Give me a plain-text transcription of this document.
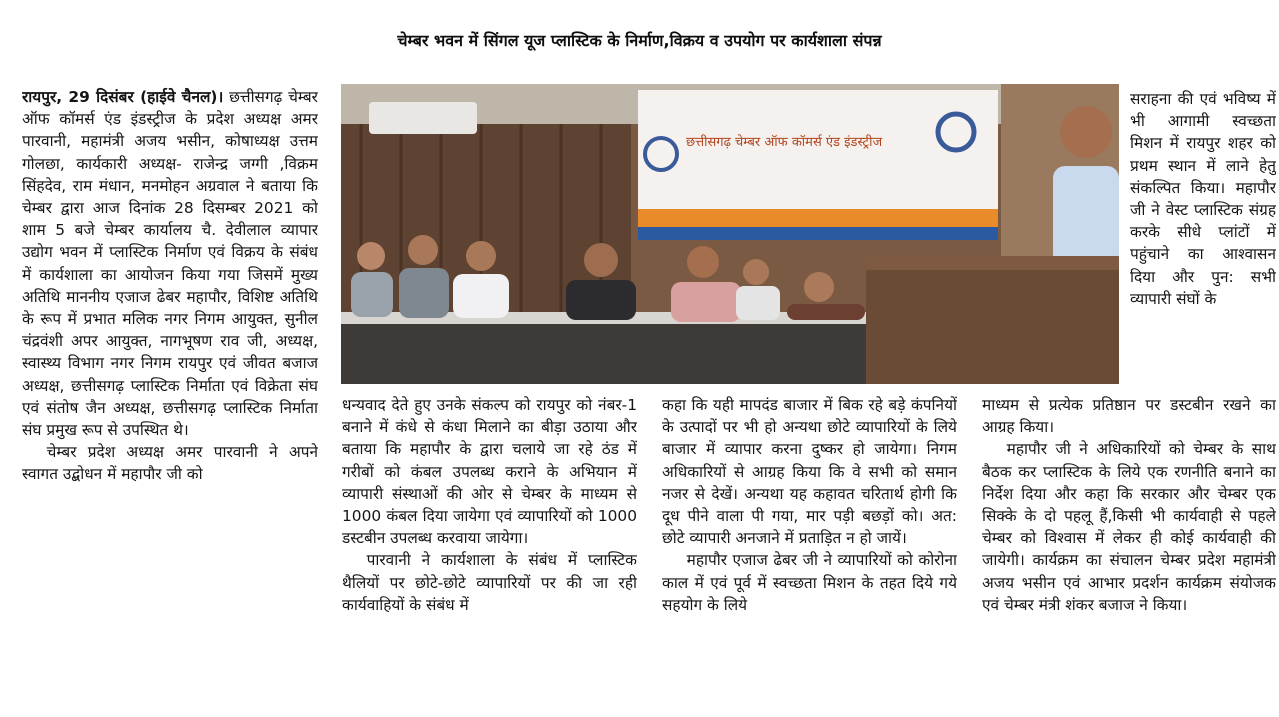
चेम्बर भवन में सिंगल यूज प्लास्टिक के निर्माण,विक्रय व उपयोग पर कार्यशाला संपन्न

रायपुर, 29 दिसंबर (हाईवे चैनल)। छत्तीसगढ़ चेम्बर ऑफ कॉमर्स एंड इंडस्ट्रीज के प्रदेश अध्यक्ष अमर पारवानी, महामंत्री अजय भसीन, कोषाध्यक्ष उत्तम गोलछा, कार्यकारी अध्यक्ष- राजेन्द्र जग्गी ,विक्रम सिंहदेव, राम मंधान, मनमोहन अग्रवाल ने बताया कि चेम्बर द्वारा आज दिनांक 28 दिसम्बर 2021 को शाम 5 बजे चेम्बर कार्यालय चै. देवीलाल व्यापार उद्योग भवन में प्लास्टिक निर्माण एवं विक्रय के संबंध में कार्यशाला का आयोजन किया गया जिसमें मुख्य अतिथि माननीय एजाज ढेबर महापौर, विशिष्ट अतिथि के रूप में प्रभात मलिक नगर निगम आयुक्त, सुनील चंद्रवंशी अपर आयुक्त, नागभूषण राव जी, अध्यक्ष, स्वास्थ्य विभाग नगर निगम रायपुर एवं जीवत बजाज अध्यक्ष, छत्तीसगढ़ प्लास्टिक निर्माता एवं विक्रेता संघ एवं संतोष जैन अध्यक्ष, छत्तीसगढ़ प्लास्टिक निर्माता संघ प्रमुख रूप से उपस्थित थे।

चेम्बर प्रदेश अध्यक्ष अमर पारवानी ने अपने स्वागत उद्बोधन में महापौर जी को

छत्तीसगढ़ चेम्बर ऑफ कॉमर्स एंड इंडस्ट्रीज

धन्यवाद देते हुए उनके संकल्प को रायपुर को नंबर-1 बनाने में कंधे से कंधा मिलाने का बीड़ा उठाया और बताया कि महापौर के द्वारा चलाये जा रहे ठंड में गरीबों को कंबल उपलब्ध कराने के अभियान में व्यापारी संस्थाओं की ओर से चेम्बर के माध्यम से 1000 कंबल दिया जायेगा एवं व्यापारियों को 1000 डस्टबीन उपलब्ध करवाया जायेगा।

पारवानी ने कार्यशाला के संबंध में प्लास्टिक थैलियों पर छोटे-छोटे व्यापारियों पर की जा रही कार्यवाहियों के संबंध में

कहा कि यही मापदंड बाजार में बिक रहे बड़े कंपनियों के उत्पादों पर भी हो अन्यथा छोटे व्यापारियों के लिये बाजार में व्यापार करना दुष्कर हो जायेगा। निगम अधिकारियों से आग्रह किया कि वे सभी को समान नजर से देखें। अन्यथा यह कहावत चरितार्थ होगी कि दूध पीने वाला पी गया, मार पड़ी बछड़ों को। अत: छोटे व्यापारी अनजाने में प्रताड़ित न हो जायें।

महापौर एजाज ढेबर जी ने व्यापारियों को कोरोना काल में एवं पूर्व में स्वच्छता मिशन के तहत दिये गये सहयोग के लिये

सराहना की एवं भविष्य में भी आगामी स्वच्छता मिशन में रायपुर शहर को प्रथम स्थान में लाने हेतु संकल्पित किया। महापौर जी ने वेस्ट प्लास्टिक संग्रह करके सीधे प्लांटों में पहुंचाने का आश्वासन दिया और पुन: सभी व्यापारी संघों के

माध्यम से प्रत्येक प्रतिष्ठान पर डस्टबीन रखने का आग्रह किया।

महापौर जी ने अधिकारियों को चेम्बर के साथ बैठक कर प्लास्टिक के लिये एक रणनीति बनाने का निर्देश दिया और कहा कि सरकार और चेम्बर एक सिक्के के दो पहलू हैं,किसी भी कार्यवाही से पहले चेम्बर को विश्वास में लेकर ही कोई कार्यवाही की जायेगी। कार्यक्रम का संचालन चेम्बर प्रदेश महामंत्री अजय भसीन एवं आभार प्रदर्शन कार्यक्रम संयोजक एवं चेम्बर मंत्री शंकर बजाज ने किया।
